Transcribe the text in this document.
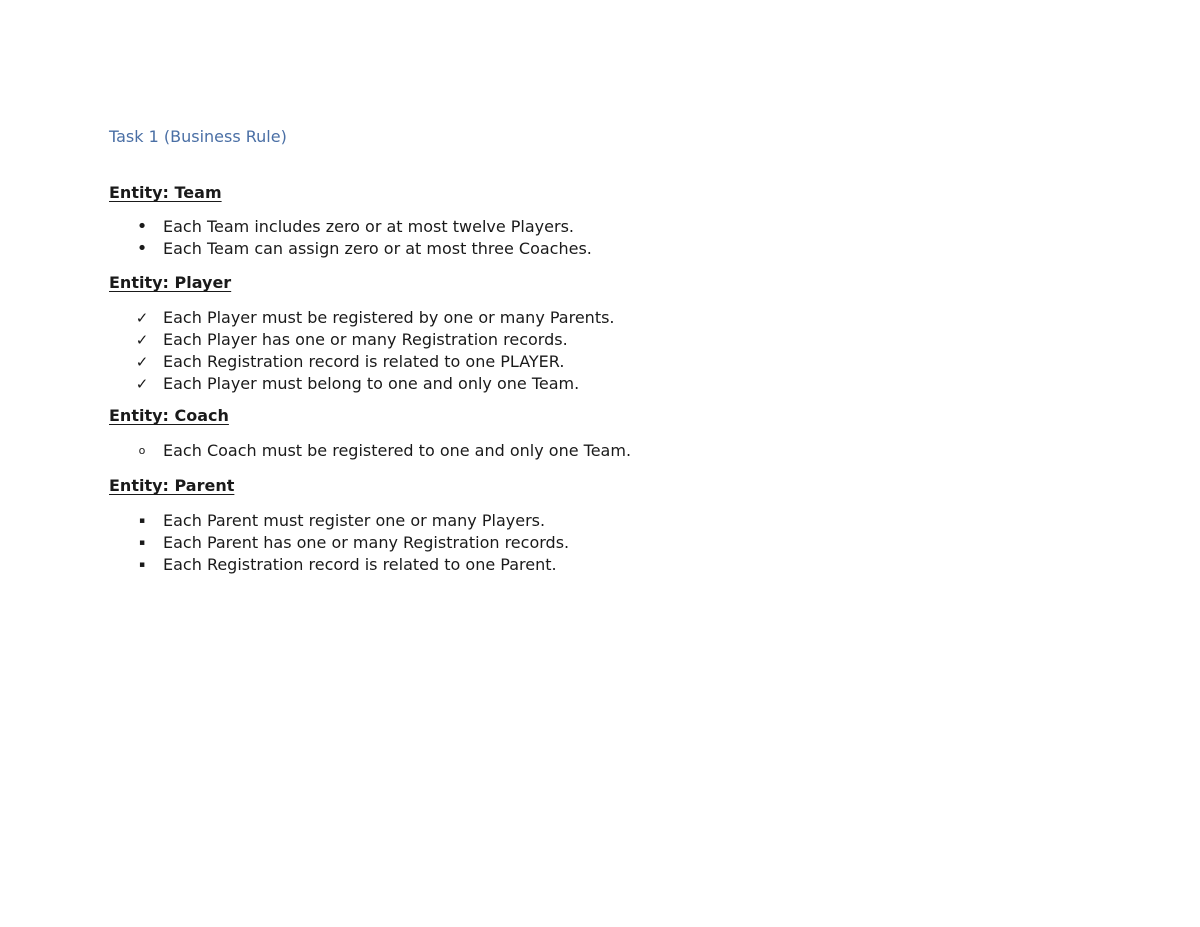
Task 1 (Business Rule)
Entity: Team
• Each Team includes zero or at most twelve Players.
• Each Team can assign zero or at most three Coaches.
Entity: Player
✓ Each Player must be registered by one or many Parents.
✓ Each Player has one or many Registration records.
✓ Each Registration record is related to one PLAYER.
✓ Each Player must belong to one and only one Team.
Entity: Coach
o Each Coach must be registered to one and only one Team.
Entity: Parent
▪	Each Parent must register one or many Players.
▪	Each Parent has one or many Registration records.
▪	Each Registration record is related to one Parent.
